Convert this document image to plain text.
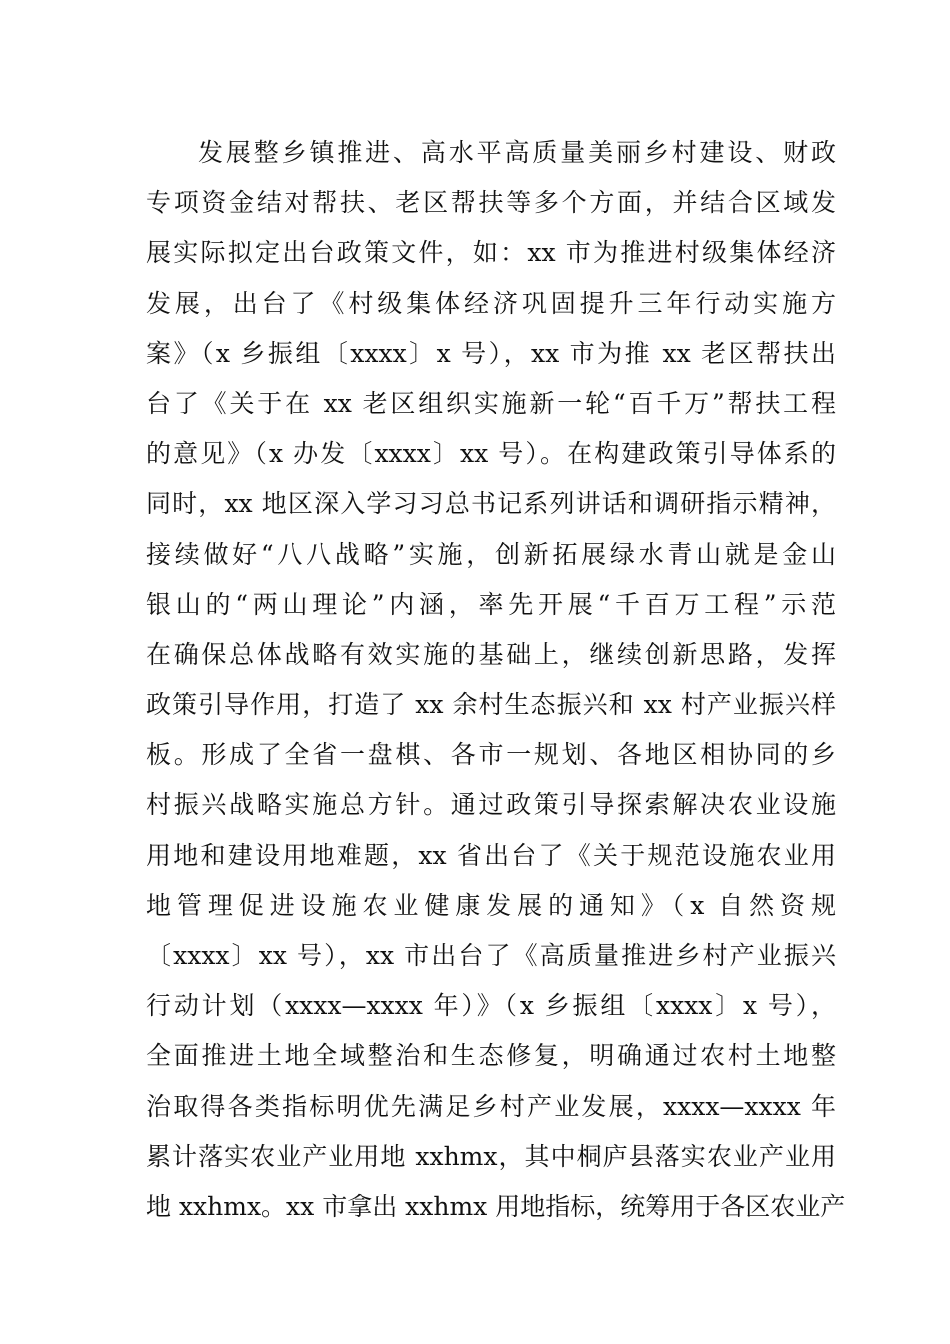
发展整乡镇推进、高水平高质量美丽乡村建设、财政
专项资金结对帮扶、老区帮扶等多个方面，并结合区域发
展实际拟定出台政策文件，如：xx 市为推进村级集体经济
发展，出台了《村级集体经济巩固提升三年行动实施方
案》（x 乡振组〔xxxx〕x 号），xx 市为推 xx 老区帮扶出
台了《关于在 xx 老区组织实施新一轮“百千万”帮扶工程
的意见》（x 办发〔xxxx〕xx 号）。在构建政策引导体系的
同时，xx 地区深入学习习总书记系列讲话和调研指示精神，
接续做好“八八战略”实施，创新拓展绿水青山就是金山
银山的“两山理论”内涵，率先开展“千百万工程”示范
在确保总体战略有效实施的基础上，继续创新思路，发挥
政策引导作用，打造了 xx 余村生态振兴和 xx 村产业振兴样
板。形成了全省一盘棋、各市一规划、各地区相协同的乡
村振兴战略实施总方针。通过政策引导探索解决农业设施
用地和建设用地难题，xx 省出台了《关于规范设施农业用
地管理促进设施农业健康发展的通知》（x 自然资规
〔xxxx〕xx 号），xx 市出台了《高质量推进乡村产业振兴
行动计划（xxxx—xxxx 年）》（x 乡振组〔xxxx〕x 号），
全面推进土地全域整治和生态修复，明确通过农村土地整
治取得各类指标明优先满足乡村产业发展，xxxx—xxxx 年
累计落实农业产业用地 xxhmx，其中桐庐县落实农业产业用
地 xxhmx。xx 市拿出 xxhmx 用地指标，统筹用于各区农业产
